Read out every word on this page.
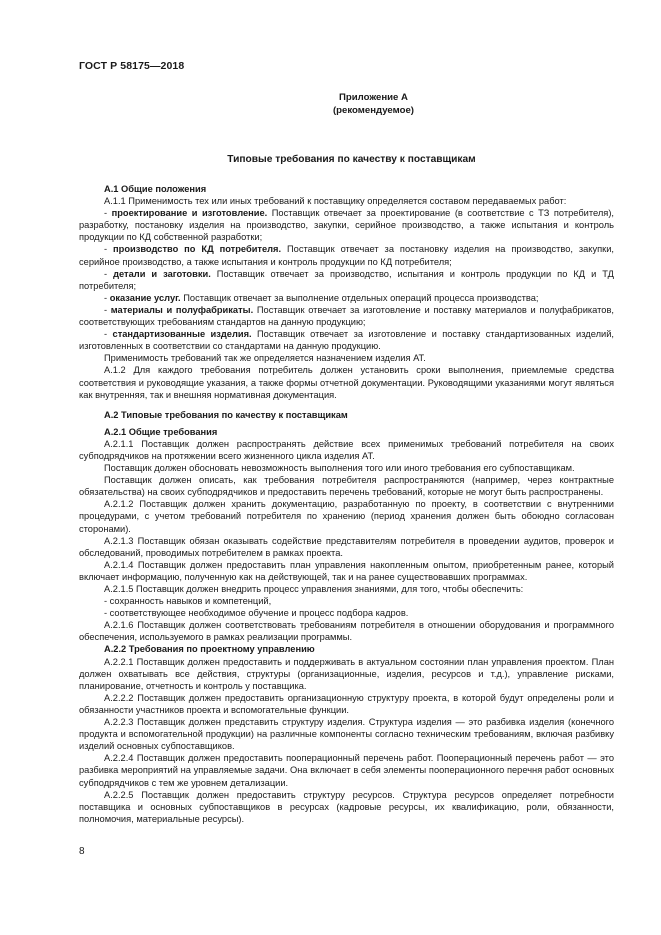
ГОСТ Р 58175—2018
Приложение А
(рекомендуемое)
Типовые требования по качеству к поставщикам

А.1 Общие положения

А.1.1 Применимость тех или иных требований к поставщику определяется составом передаваемых работ:

- проектирование и изготовление. Поставщик отвечает за проектирование (в соответствие с ТЗ потребителя), разработку, постановку изделия на производство, закупки, серийное производство, а также испытания и контроль продукции по КД собственной разработки;

- производство по КД потребителя. Поставщик отвечает за постановку изделия на производство, закупки, серийное производство, а также испытания и контроль продукции по КД потребителя;

- детали и заготовки. Поставщик отвечает за производство, испытания и контроль продукции по КД и ТД потребителя;

- оказание услуг. Поставщик отвечает за выполнение отдельных операций процесса производства;

- материалы и полуфабрикаты. Поставщик отвечает за изготовление и поставку материалов и полуфабрикатов, соответствующих требованиям стандартов на данную продукцию;

- стандартизованные изделия. Поставщик отвечает за изготовление и поставку стандартизованных изделий, изготовленных в соответствии со стандартами на данную продукцию.

Применимость требований так же определяется назначением изделия АТ.

А.1.2 Для каждого требования потребитель должен установить сроки выполнения, приемлемые средства соответствия и руководящие указания, а также формы отчетной документации. Руководящими указаниями могут являться как внутренняя, так и внешняя нормативная документация.

А.2 Типовые требования по качеству к поставщикам

А.2.1 Общие требования

А.2.1.1 Поставщик должен распространять действие всех применимых требований потребителя на своих субподрядчиков на протяжении всего жизненного цикла изделия АТ.

Поставщик должен обосновать невозможность выполнения того или иного требования его субпоставщикам.

Поставщик должен описать, как требования потребителя распространяются (например, через контрактные обязательства) на своих субподрядчиков и предоставить перечень требований, которые не могут быть распространены.

А.2.1.2 Поставщик должен хранить документацию, разработанную по проекту, в соответствии с внутренними процедурами, с учетом требований потребителя по хранению (период хранения должен быть обоюдно согласован сторонами).

А.2.1.3 Поставщик обязан оказывать содействие представителям потребителя в проведении аудитов, проверок и обследований, проводимых потребителем в рамках проекта.

А.2.1.4 Поставщик должен предоставить план управления накопленным опытом, приобретенным ранее, который включает информацию, полученную как на действующей, так и на ранее существовавших программах.

А.2.1.5 Поставщик должен внедрить процесс управления знаниями, для того, чтобы обеспечить:

- сохранность навыков и компетенций,

- соответствующее необходимое обучение и процесс подбора кадров.

А.2.1.6 Поставщик должен соответствовать требованиям потребителя в отношении оборудования и программного обеспечения, используемого в рамках реализации программы.

А.2.2 Требования по проектному управлению

А.2.2.1 Поставщик должен предоставить и поддерживать в актуальном состоянии план управления проектом. План должен охватывать все действия, структуры (организационные, изделия, ресурсов и т.д.), управление рисками, планирование, отчетность и контроль у поставщика.

А.2.2.2 Поставщик должен предоставить организационную структуру проекта, в которой будут определены роли и обязанности участников проекта и вспомогательные функции.

А.2.2.3 Поставщик должен представить структуру изделия. Структура изделия — это разбивка изделия (конечного продукта и вспомогательной продукции) на различные компоненты согласно техническим требованиям, включая разбивку изделий основных субпоставщиков.

А.2.2.4 Поставщик должен предоставить пооперационный перечень работ. Пооперационный перечень работ — это разбивка мероприятий на управляемые задачи. Она включает в себя элементы пооперационного перечня работ основных субподрядчиков с тем же уровнем детализации.

А.2.2.5 Поставщик должен предоставить структуру ресурсов. Структура ресурсов определяет потребности поставщика и основных субпоставщиков в ресурсах (кадровые ресурсы, их квалификацию, роли, обязанности, полномочия, материальные ресурсы).

8
